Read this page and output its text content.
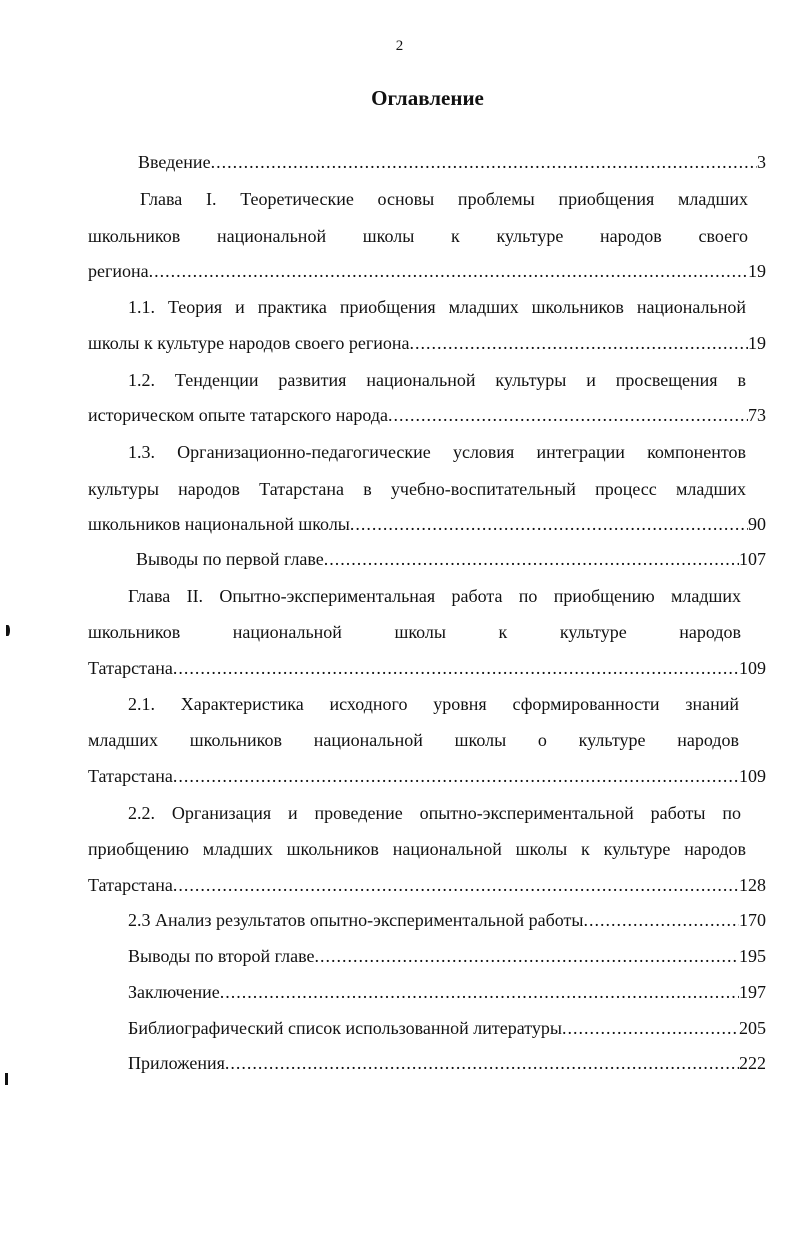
2
Оглавление
Введение .....	3
Глава I. Теоретические основы проблемы приобщения младших
школьников национальной школы к культуре народов своего
региона .....	19
1.1. Теория и практика приобщения младших школьников национальной
школы к культуре народов своего региона .....	19
1.2. Тенденции развития национальной культуры и просвещения в
историческом опыте татарского народа .....	73
1.3. Организационно-педагогические условия интеграции компонентов
культуры народов Татарстана в учебно-воспитательный процесс младших
школьников национальной школы .....	90
Выводы по первой главе .....	107
Глава II. Опытно-экспериментальная работа по приобщению младших
школьников национальной школы к культуре народов
Татарстана .....	109
2.1. Характеристика исходного уровня сформированности знаний
младших школьников национальной школы о культуре народов
Татарстана .....	109
2.2. Организация и проведение опытно-экспериментальной работы по
приобщению младших школьников национальной школы к культуре народов
Татарстана .....	128
2.3 Анализ результатов опытно-экспериментальной работы .....	170
Выводы по второй главе .....	195
Заключение .....	197
Библиографический список использованной литературы .....	205
Приложения .....	222
